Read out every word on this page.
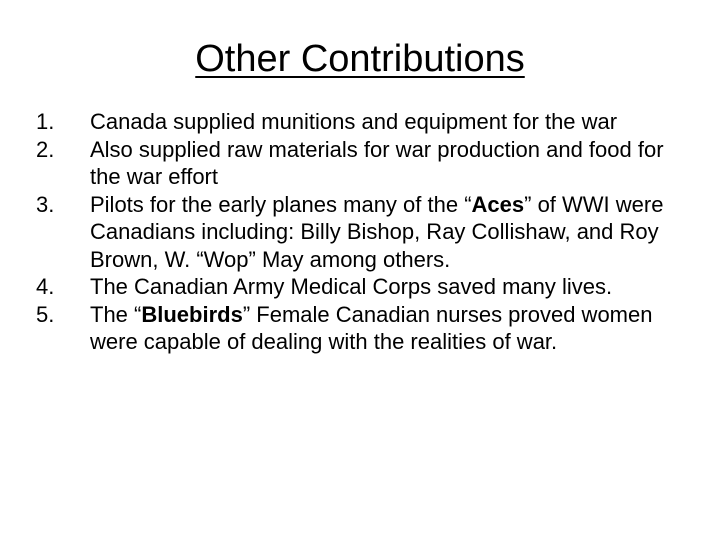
Other Contributions
1.	Canada supplied munitions and equipment for the war
2.	Also supplied raw materials for war production and food for the war effort
3.	Pilots for the early planes many of the “Aces” of WWI were Canadians including: Billy Bishop, Ray Collishaw, and Roy Brown, W. “Wop” May among others.
4.	The Canadian Army Medical Corps saved many lives.
5.	The “Bluebirds” Female Canadian nurses proved women were capable of dealing with the realities of war.
